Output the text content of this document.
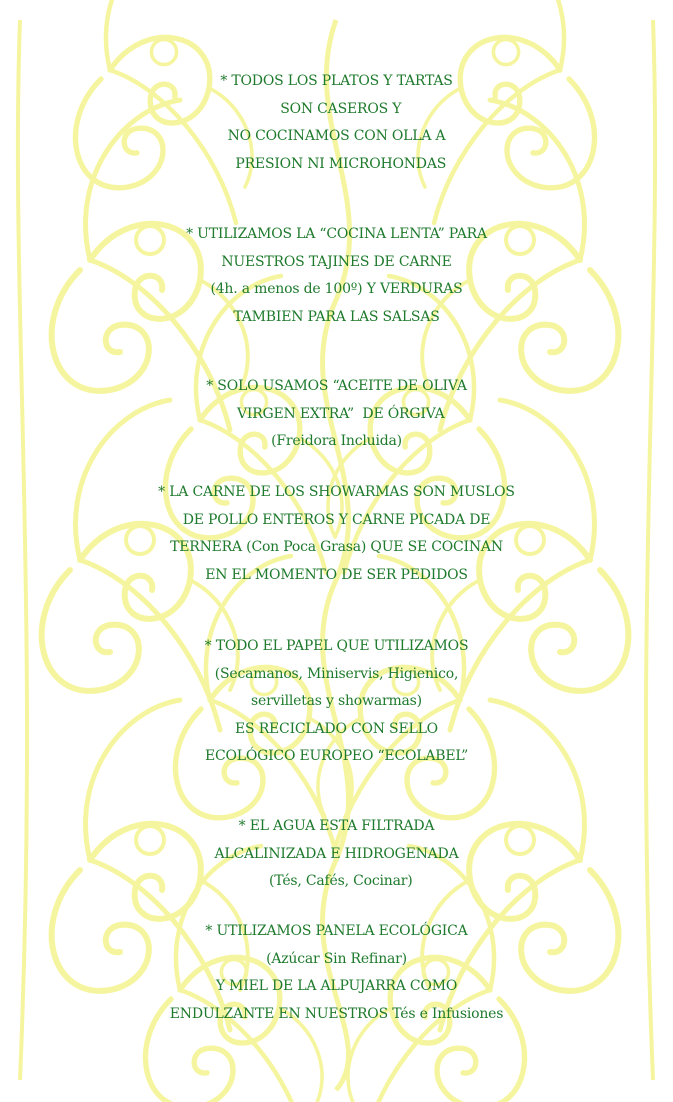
* TODOS LOS PLATOS Y TARTAS
SON CASEROS Y
NO COCINAMOS CON OLLA A
PRESION NI MICROHONDAS
* UTILIZAMOS LA “COCINA LENTA” PARA
NUESTROS TAJINES DE CARNE
(4h. a menos de 100º) Y VERDURAS
TAMBIEN PARA LAS SALSAS
* SOLO USAMOS “ACEITE DE OLIVA
VIRGEN EXTRA”  DE ÓRGIVA
(Freidora Incluida)
* LA CARNE DE LOS SHOWARMAS SON MUSLOS
DE POLLO ENTEROS Y CARNE PICADA DE
TERNERA (Con Poca Grasa) QUE SE COCINAN
EN EL MOMENTO DE SER PEDIDOS
* TODO EL PAPEL QUE UTILIZAMOS
(Secamanos, Miniservis, Higienico,
servilletas y showarmas)
ES RECICLADO CON SELLO
ECOLÓGICO EUROPEO “ECOLABEL”
* EL AGUA ESTA FILTRADA
ALCALINIZADA E HIDROGENADA
(Tés, Cafés, Cocinar)
* UTILIZAMOS PANELA ECOLÓGICA
(Azúcar Sin Refinar)
Y MIEL DE LA ALPUJARRA COMO
ENDULZANTE EN NUESTROS Tés e Infusiones
